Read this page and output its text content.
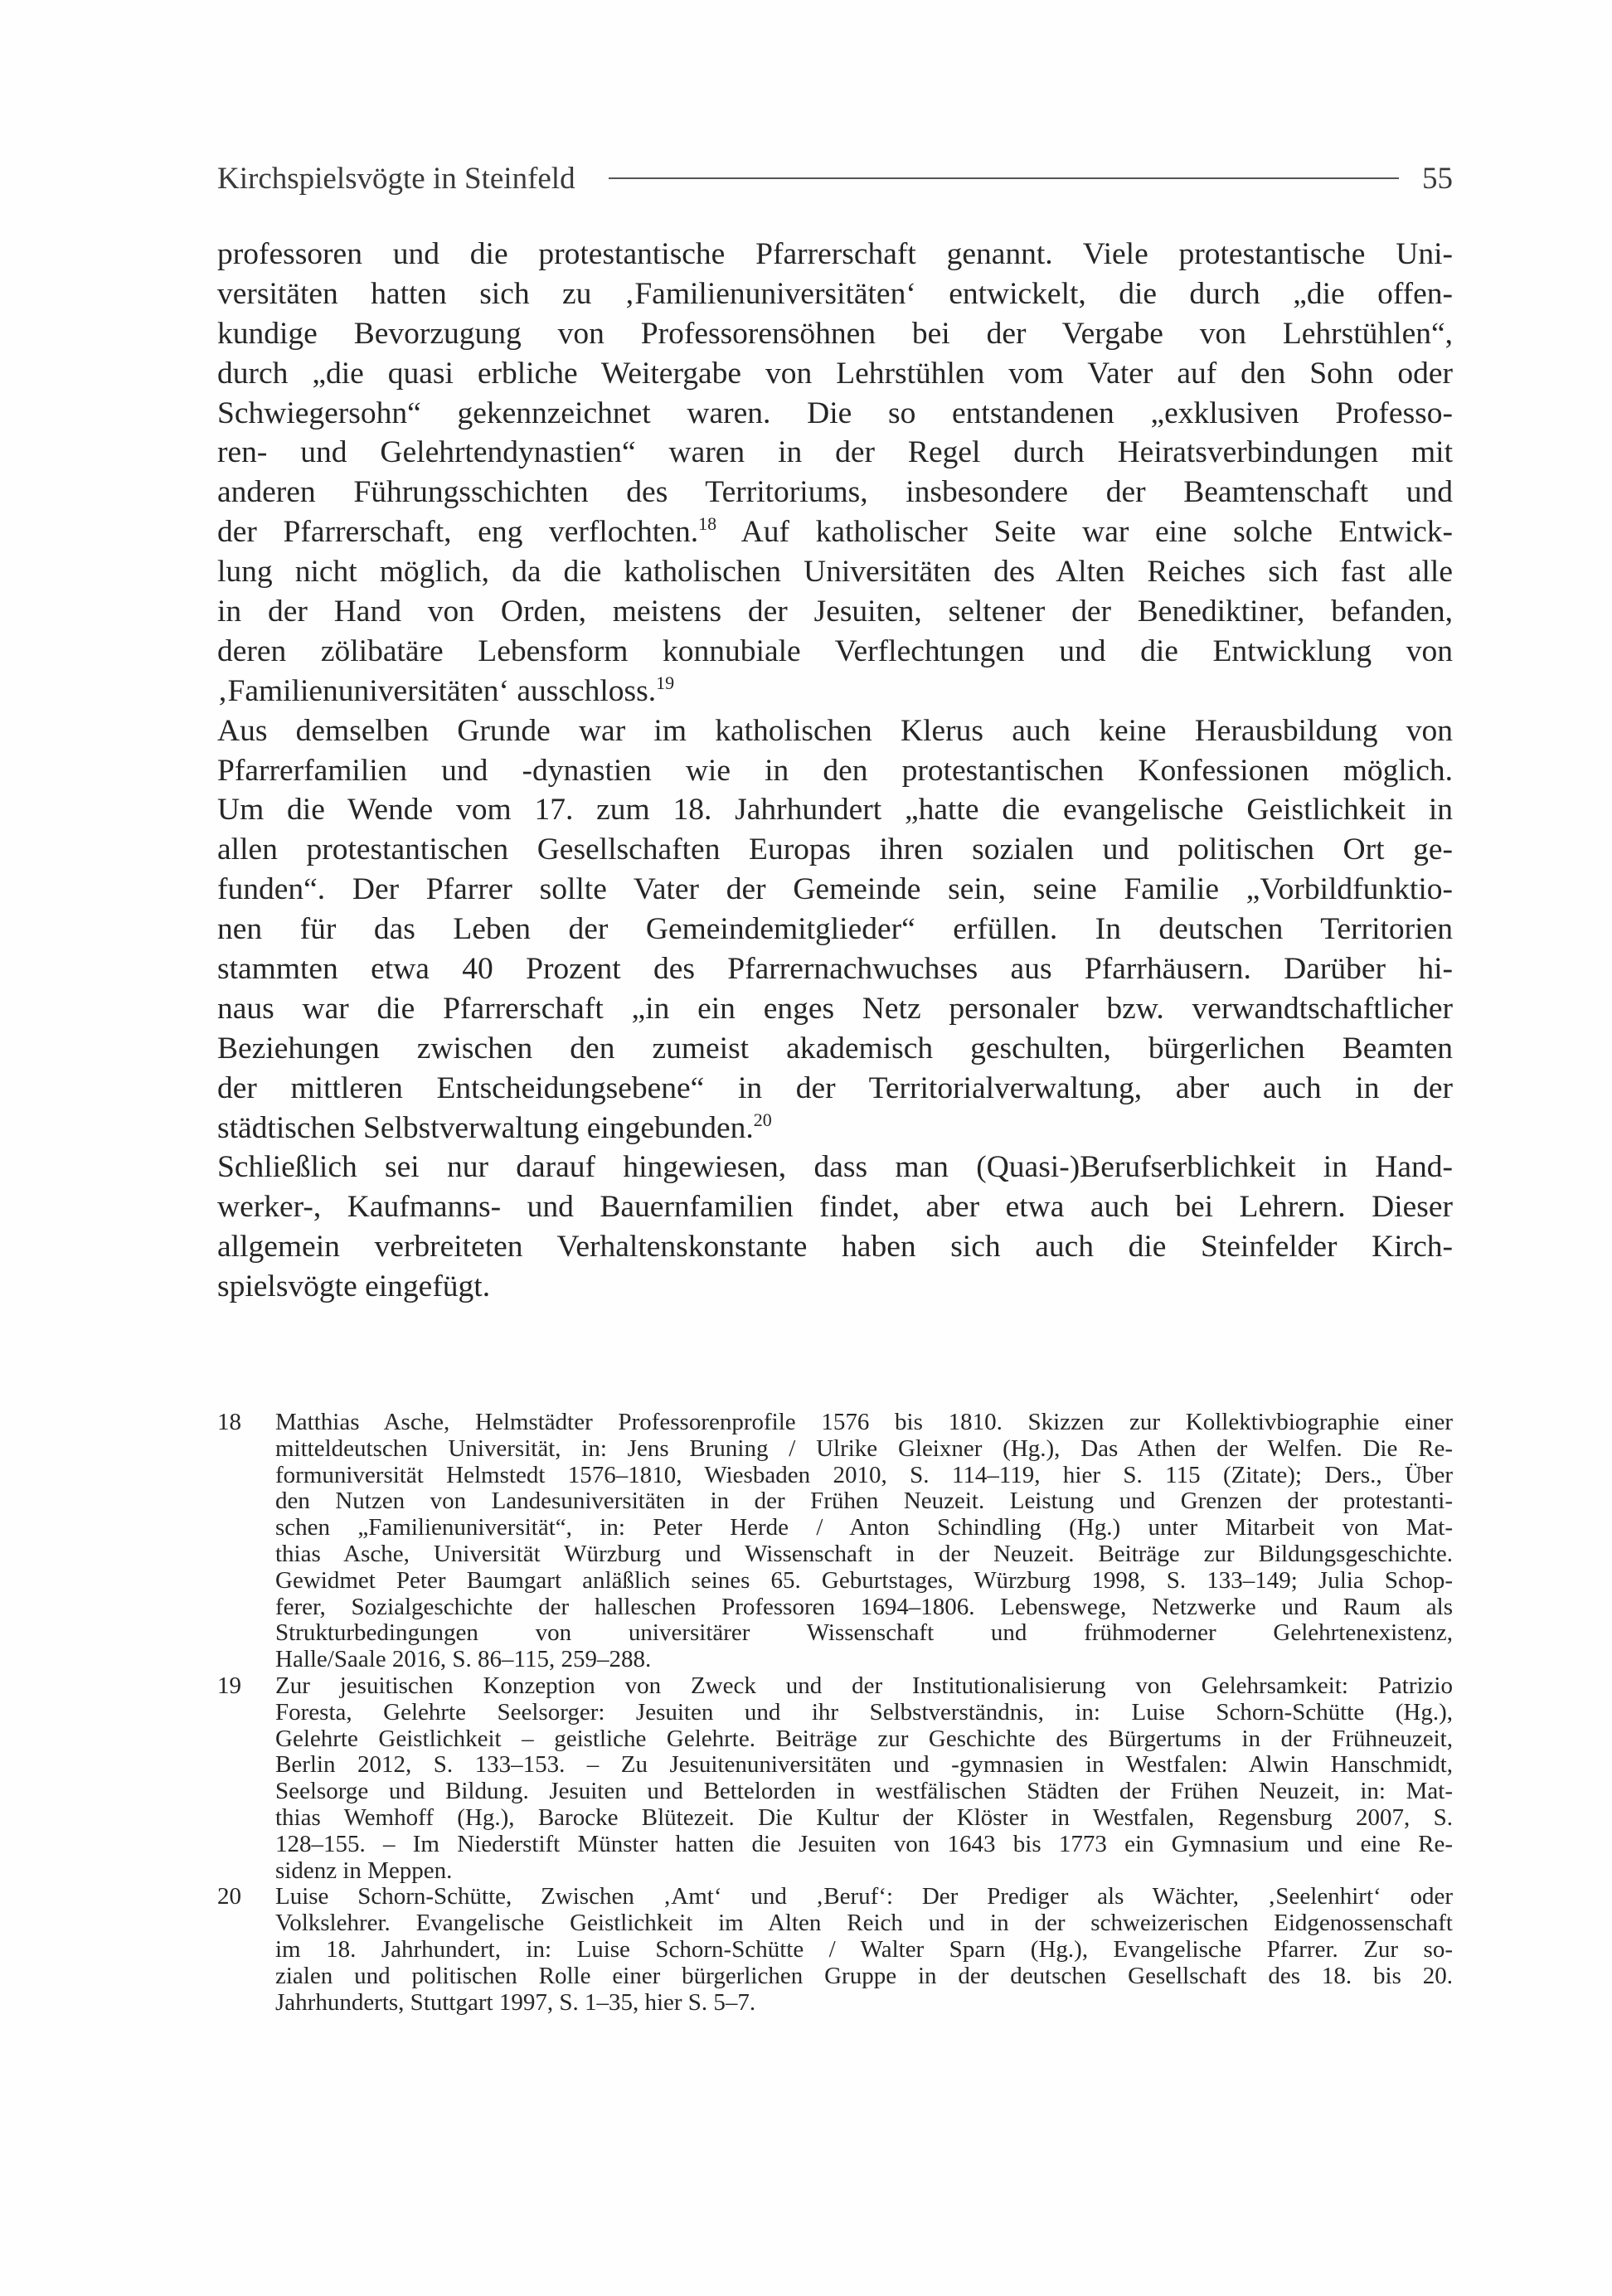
Kirchspielsvögte in Steinfeld	55
professoren und die protestantische Pfarrerschaft genannt. Viele protestantische Uni-
versitäten hatten sich zu ‚Familienuniversitäten‘ entwickelt, die durch „die offen-
kundige Bevorzugung von Professorensöhnen bei der Vergabe von Lehrstühlen“,
durch „die quasi erbliche Weitergabe von Lehrstühlen vom Vater auf den Sohn oder
Schwiegersohn“ gekennzeichnet waren. Die so entstandenen „exklusiven Professo-
ren- und Gelehrtendynastien“ waren in der Regel durch Heiratsverbindungen mit
anderen Führungsschichten des Territoriums, insbesondere der Beamtenschaft und
der Pfarrerschaft, eng verflochten.$^{18}$ Auf katholischer Seite war eine solche Entwick-
lung nicht möglich, da die katholischen Universitäten des Alten Reiches sich fast alle
in der Hand von Orden, meistens der Jesuiten, seltener der Benediktiner, befanden,
deren zölibatäre Lebensform konnubiale Verflechtungen und die Entwicklung von
‚Familienuniversitäten‘ ausschloss.$^{19}$
Aus demselben Grunde war im katholischen Klerus auch keine Herausbildung von
Pfarrerfamilien und -dynastien wie in den protestantischen Konfessionen möglich.
Um die Wende vom 17. zum 18. Jahrhundert „hatte die evangelische Geistlichkeit in
allen protestantischen Gesellschaften Europas ihren sozialen und politischen Ort ge-
funden“. Der Pfarrer sollte Vater der Gemeinde sein, seine Familie „Vorbildfunktio-
nen für das Leben der Gemeindemitglieder“ erfüllen. In deutschen Territorien
stammten etwa 40 Prozent des Pfarrernachwuchses aus Pfarrhäusern. Darüber hi-
naus war die Pfarrerschaft „in ein enges Netz personaler bzw. verwandtschaftlicher
Beziehungen zwischen den zumeist akademisch geschulten, bürgerlichen Beamten
der mittleren Entscheidungsebene“ in der Territorialverwaltung, aber auch in der
städtischen Selbstverwaltung eingebunden.$^{20}$
Schließlich sei nur darauf hingewiesen, dass man (Quasi-)Berufserblichkeit in Hand-
werker-, Kaufmanns- und Bauernfamilien findet, aber etwa auch bei Lehrern. Dieser
allgemein verbreiteten Verhaltenskonstante haben sich auch die Steinfelder Kirch-
spielsvögte eingefügt.
18 Matthias Asche, Helmstädter Professorenprofile 1576 bis 1810. Skizzen zur Kollektivbiographie einer
mitteldeutschen Universität, in: Jens Bruning / Ulrike Gleixner (Hg.), Das Athen der Welfen. Die Re-
formuniversität Helmstedt 1576–1810, Wiesbaden 2010, S. 114–119, hier S. 115 (Zitate); Ders., Über
den Nutzen von Landesuniversitäten in der Frühen Neuzeit. Leistung und Grenzen der protestanti-
schen „Familienuniversität“, in: Peter Herde / Anton Schindling (Hg.) unter Mitarbeit von Mat-
thias Asche, Universität Würzburg und Wissenschaft in der Neuzeit. Beiträge zur Bildungsgeschichte.
Gewidmet Peter Baumgart anläßlich seines 65. Geburtstages, Würzburg 1998, S. 133–149; Julia Schop-
ferer, Sozialgeschichte der halleschen Professoren 1694–1806. Lebenswege, Netzwerke und Raum als
Strukturbedingungen von universitärer Wissenschaft und frühmoderner Gelehrtenexistenz,
Halle/Saale 2016, S. 86–115, 259–288.
19 Zur jesuitischen Konzeption von Zweck und der Institutionalisierung von Gelehrsamkeit: Patrizio
Foresta, Gelehrte Seelsorger: Jesuiten und ihr Selbstverständnis, in: Luise Schorn-Schütte (Hg.),
Gelehrte Geistlichkeit – geistliche Gelehrte. Beiträge zur Geschichte des Bürgertums in der Frühneuzeit,
Berlin 2012, S. 133–153. – Zu Jesuitenuniversitäten und -gymnasien in Westfalen: Alwin Hanschmidt,
Seelsorge und Bildung. Jesuiten und Bettelorden in westfälischen Städten der Frühen Neuzeit, in: Mat-
thias Wemhoff (Hg.), Barocke Blütezeit. Die Kultur der Klöster in Westfalen, Regensburg 2007, S.
128–155. – Im Niederstift Münster hatten die Jesuiten von 1643 bis 1773 ein Gymnasium und eine Re-
sidenz in Meppen.
20 Luise Schorn-Schütte, Zwischen ‚Amt‘ und ‚Beruf‘: Der Prediger als Wächter, ‚Seelenhirt‘ oder
Volkslehrer. Evangelische Geistlichkeit im Alten Reich und in der schweizerischen Eidgenossenschaft
im 18. Jahrhundert, in: Luise Schorn-Schütte / Walter Sparn (Hg.), Evangelische Pfarrer. Zur so-
zialen und politischen Rolle einer bürgerlichen Gruppe in der deutschen Gesellschaft des 18. bis 20.
Jahrhunderts, Stuttgart 1997, S. 1–35, hier S. 5–7.
